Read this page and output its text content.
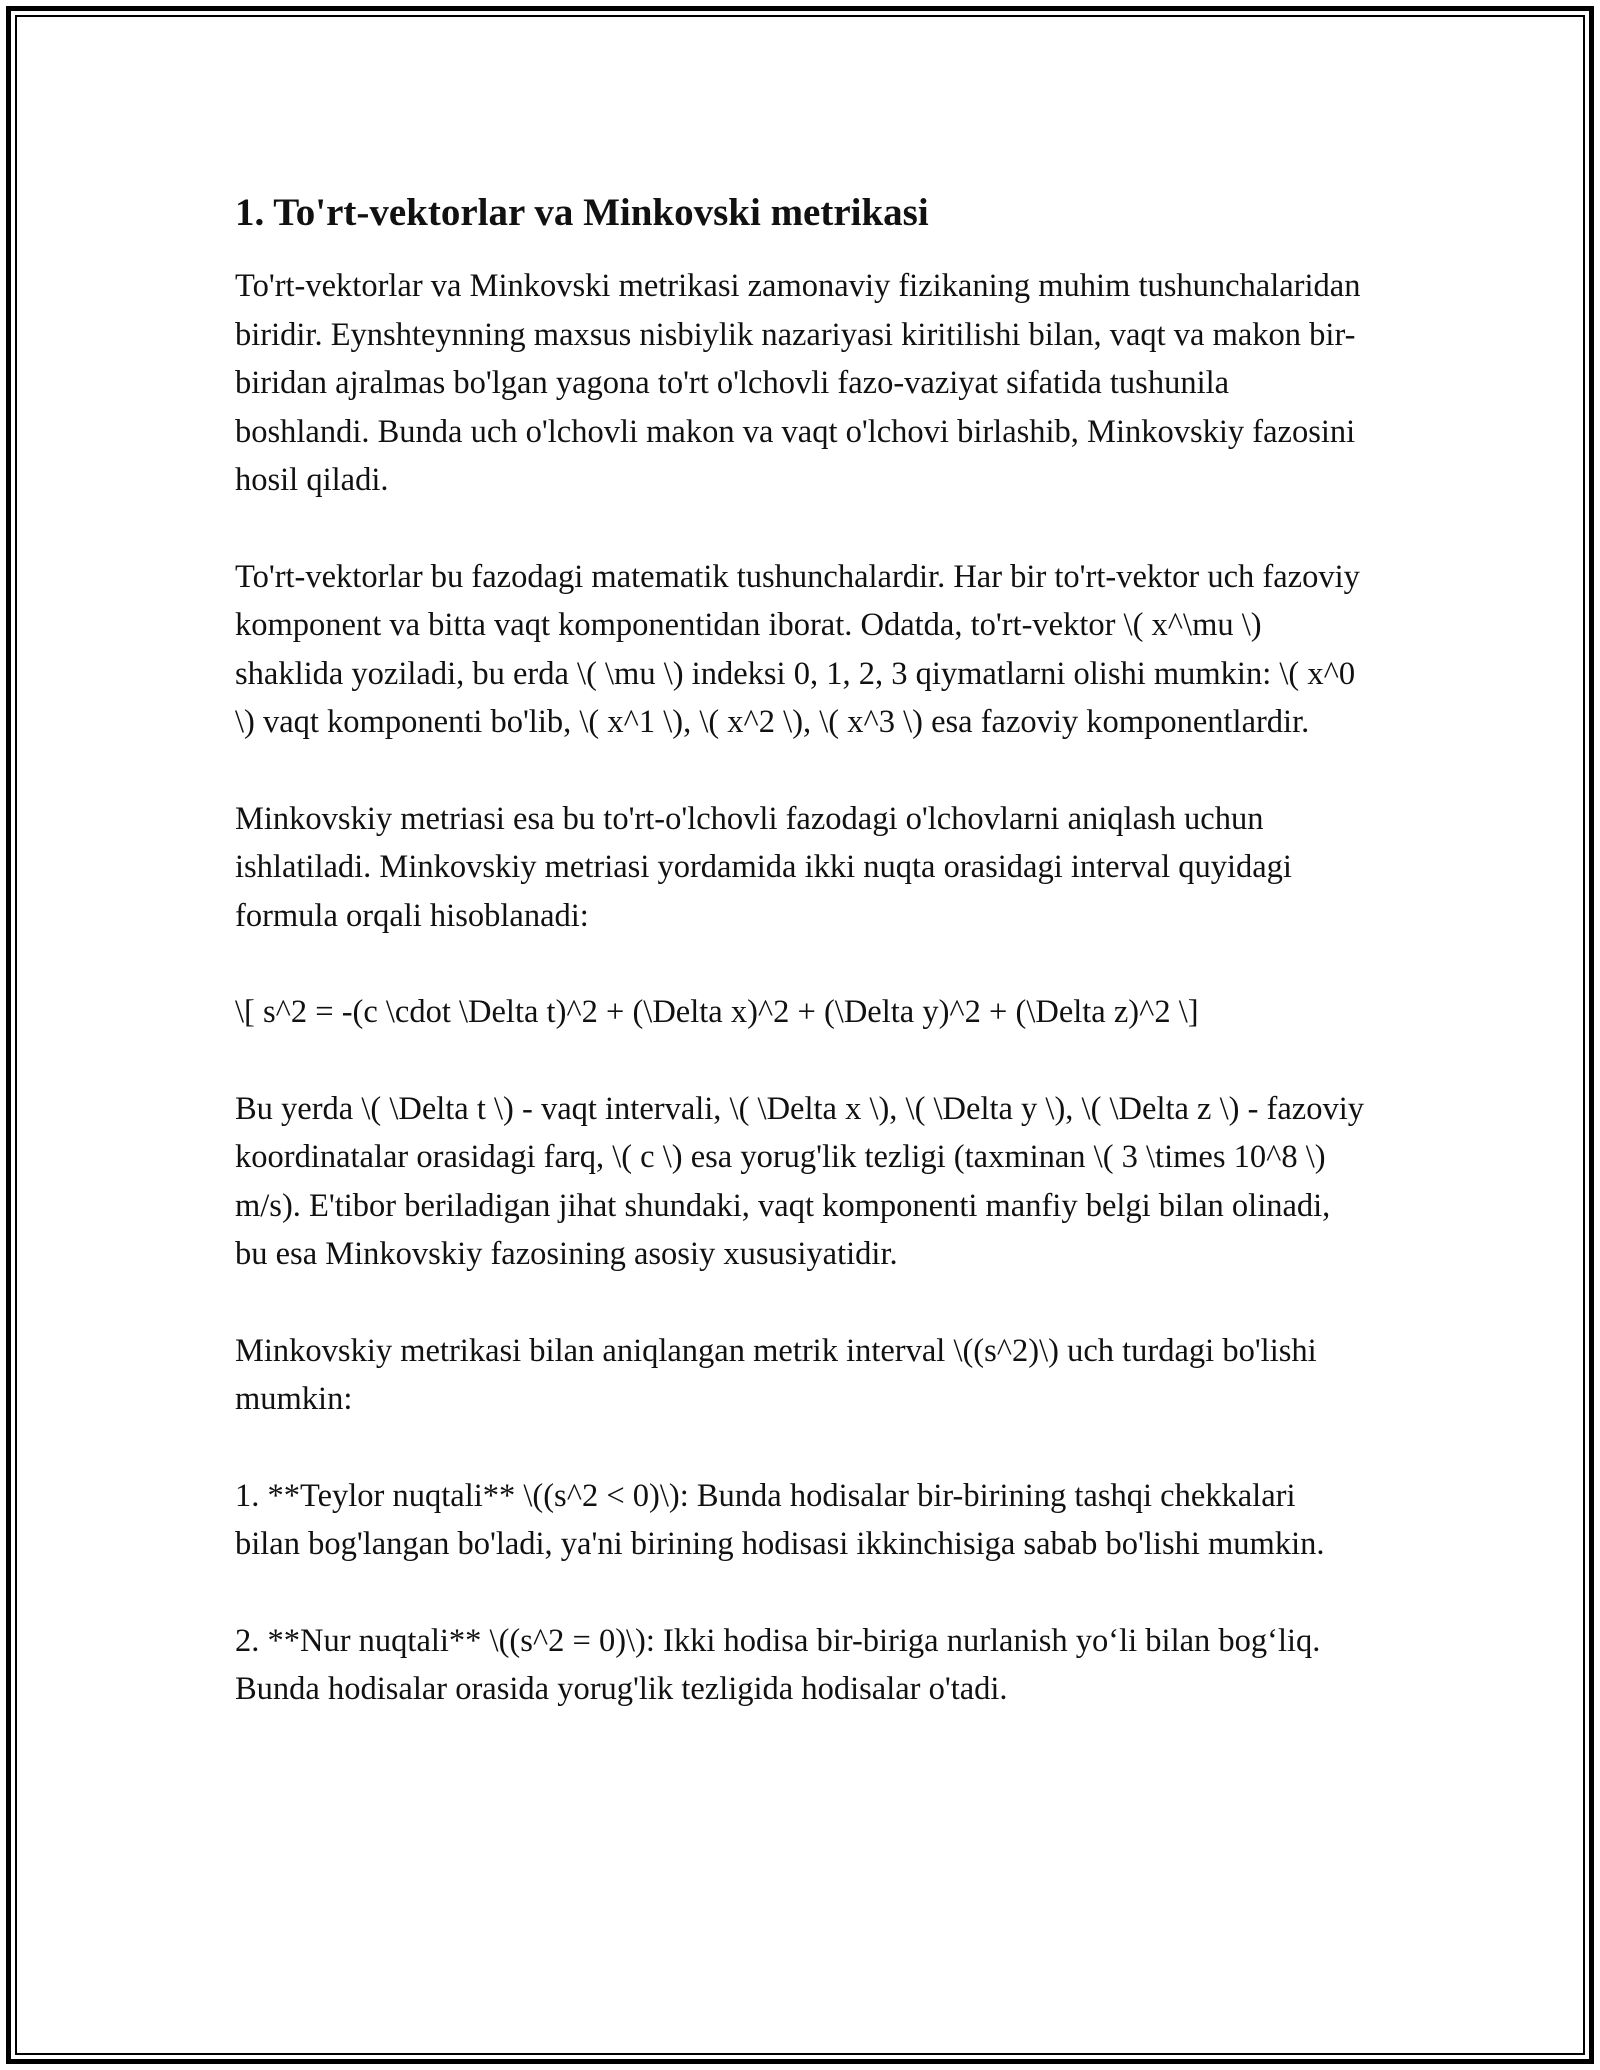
1. To'rt-vektorlar va Minkovski metrikasi

To'rt-vektorlar va Minkovski metrikasi zamonaviy fizikaning muhim tushunchalaridan biridir. Eynshteynning maxsus nisbiylik nazariyasi kiritilishi bilan, vaqt va makon bir-biridan ajralmas bo'lgan yagona to'rt o'lchovli fazo-vaziyat sifatida tushunila boshlandi. Bunda uch o'lchovli makon va vaqt o'lchovi birlashib, Minkovskiy fazosini hosil qiladi.

To'rt-vektorlar bu fazodagi matematik tushunchalardir. Har bir to'rt-vektor uch fazoviy komponent va bitta vaqt komponentidan iborat. Odatda, to'rt-vektor \( x^\mu \) shaklida yoziladi, bu erda \( \mu \) indeksi 0, 1, 2, 3 qiymatlarni olishi mumkin: \( x^0 \) vaqt komponenti bo'lib, \( x^1 \), \( x^2 \), \( x^3 \) esa fazoviy komponentlardir.

Minkovskiy metriasi esa bu to'rt-o'lchovli fazodagi o'lchovlarni aniqlash uchun ishlatiladi. Minkovskiy metriasi yordamida ikki nuqta orasidagi interval quyidagi formula orqali hisoblanadi:

\[ s^2 = -(c \cdot \Delta t)^2 + (\Delta x)^2 + (\Delta y)^2 + (\Delta z)^2 \]

Bu yerda \( \Delta t \) - vaqt intervali, \( \Delta x \), \( \Delta y \), \( \Delta z \) - fazoviy koordinatalar orasidagi farq, \( c \) esa yorug'lik tezligi (taxminan \( 3 \times 10^8 \) m/s). E'tibor beriladigan jihat shundaki, vaqt komponenti manfiy belgi bilan olinadi, bu esa Minkovskiy fazosining asosiy xususiyatidir.

Minkovskiy metrikasi bilan aniqlangan metrik interval \((s^2)\) uch turdagi bo'lishi mumkin:

1. **Teylor nuqtali** \((s^2 < 0)\): Bunda hodisalar bir-birining tashqi chekkalari bilan bog'langan bo'ladi, ya'ni birining hodisasi ikkinchisiga sabab bo'lishi mumkin.

2. **Nur nuqtali** \((s^2 = 0)\): Ikki hodisa bir-biriga nurlanish yo‘li bilan bog‘liq. Bunda hodisalar orasida yorug'lik tezligida hodisalar o'tadi.
